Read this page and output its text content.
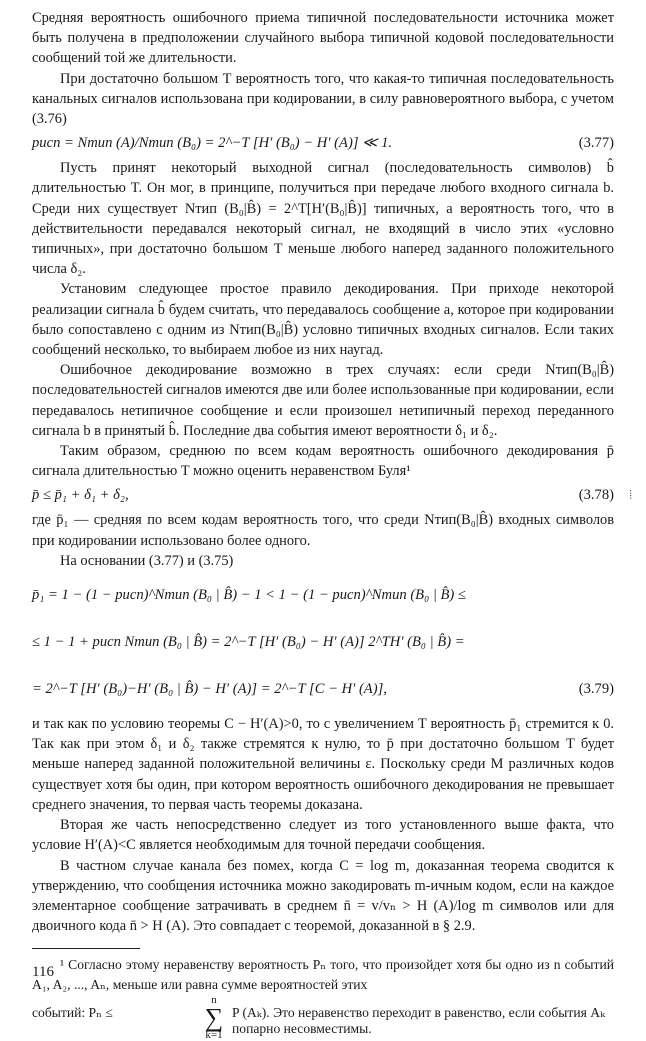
Средняя вероятность ошибочного приема типичной последовательности источника может быть получена в предположении случайного выбора типичной кодовой последовательности сообщений той же длительности.

При достаточно большом T вероятность того, что какая-то типичная последовательность канальных сигналов использована при кодировании, в силу равновероятного выбора, с учетом (3.76)

pисп = Nтип (A)/Nтип (B₀) = 2^−T [H′ (B₀) − H′ (A)] ≪ 1.	(3.77)

Пусть принят некоторый выходной сигнал (последовательность символов) b̂ длительностью T. Он мог, в принципе, получиться при передаче любого входного сигнала b. Среди них существует Nтип (B₀|B̂) = 2^T[H′(B₀|B̂)] типичных, а вероятность того, что в действительности передавался некоторый сигнал, не входящий в число этих «условно типичных», при достаточно большом T меньше любого наперед заданного положительного числа δ₂.

Установим следующее простое правило декодирования. При приходе некоторой реализации сигнала b̂ будем считать, что передавалось сообщение a, которое при кодировании было сопоставлено с одним из Nтип(B₀|B̂) условно типичных входных сигналов. Если таких сообщений несколько, то выбираем любое из них наугад.

Ошибочное декодирование возможно в трех случаях: если среди Nтип(B₀|B̂) последовательностей сигналов имеются две или более использованные при кодировании, если передавалось нетипичное сообщение и если произошел нетипичный переход переданного сигнала b в принятый b̂. Последние два события имеют вероятности δ₁ и δ₂.

Таким образом, среднюю по всем кодам вероятность ошибочного декодирования p̄ сигнала длительностью T можно оценить неравенством Буля¹

p̄ ≤ p̄₁ + δ₁ + δ₂,	(3.78)

где p̄₁ — средняя по всем кодам вероятность того, что среди Nтип(B₀|B̂) входных символов при кодировании использовано более одного.

На основании (3.77) и (3.75)

p̄₁ = 1 − (1 − pисп)^Nтип (B₀ | B̂) − 1 < 1 − (1 − pисп)^Nтип (B₀ | B̂) ≤
≤ 1 − 1 + pисп Nтип (B₀ | B̂) = 2^−T [H′ (B₀) − H′ (A)] 2^TH′ (B₀ | B̂) =
= 2^−T [H′ (B₀)−H′ (B₀ | B̂) − H′ (A)] = 2^−T [C − H′ (A)],	(3.79)

и так как по условию теоремы C − H′(A)>0, то с увеличением T вероятность p̄₁ стремится к 0. Так как при этом δ₁ и δ₂ также стремятся к нулю, то p̄ при достаточно большом T будет меньше наперед заданной положительной величины ε. Поскольку среди M различных кодов существует хотя бы один, при котором вероятность ошибочного декодирования не превышает среднего значения, то первая часть теоремы доказана.

Вторая же часть непосредственно следует из того установленного выше факта, что условие H′(A)<C является необходимым для точной передачи сообщения.

В частном случае канала без помех, когда C = log m, доказанная теорема сводится к утверждению, что сообщения источника можно закодировать m-ичным кодом, если на каждое элементарное сообщение затрачивать в среднем n̄ = v/vₙ > H (A)/log m символов или для двоичного кода n̄ > H (A). Это совпадает с теоремой, доказанной в § 2.9.

¹ Согласно этому неравенству вероятность Pₙ того, что произойдет хотя бы одно из n событий A₁, A₂, ..., Aₙ, меньше или равна сумме вероятностей этих

событий: Pₙ ≤
n
∑
k=1
P (Aₖ). Это неравенство переходит в равенство, если события Aₖ попарно несовместимы.
⦙
116
